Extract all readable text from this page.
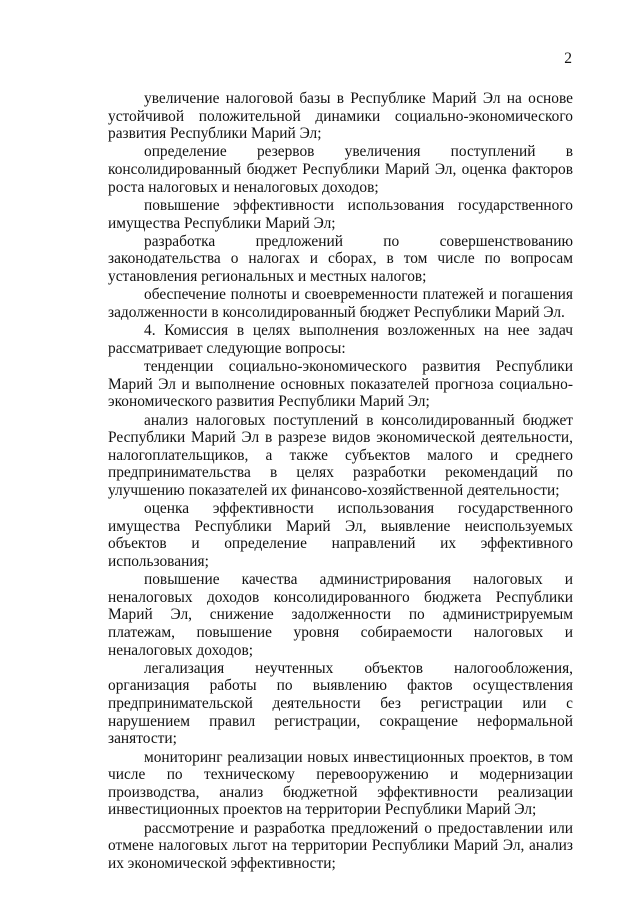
2

увеличение налоговой базы в Республике Марий Эл на основе устойчивой положительной динамики социально-экономического развития Республики Марий Эл;

определение резервов увеличения поступлений в консолидированный бюджет Республики Марий Эл, оценка факторов роста налоговых и неналоговых доходов;

повышение эффективности использования государственного имущества Республики Марий Эл;

разработка предложений по совершенствованию законодательства о налогах и сборах, в том числе по вопросам установления региональных и местных налогов;

обеспечение полноты и своевременности платежей и погашения задолженности в консолидированный бюджет Республики Марий Эл.

4. Комиссия в целях выполнения возложенных на нее задач рассматривает следующие вопросы:

тенденции социально-экономического развития Республики Марий Эл и выполнение основных показателей прогноза социально-экономического развития Республики Марий Эл;

анализ налоговых поступлений в консолидированный бюджет Республики Марий Эл в разрезе видов экономической деятельности, налогоплательщиков, а также субъектов малого и среднего предпринимательства в целях разработки рекомендаций по улучшению показателей их финансово-хозяйственной деятельности;

оценка эффективности использования государственного имущества Республики Марий Эл, выявление неиспользуемых объектов и определение направлений их эффективного использования;

повышение качества администрирования налоговых и неналоговых доходов консолидированного бюджета Республики Марий Эл, снижение задолженности по администрируемым платежам, повышение уровня собираемости налоговых и неналоговых доходов;

легализация неучтенных объектов налогообложения, организация работы по выявлению фактов осуществления предпринимательской деятельности без регистрации или с нарушением правил регистрации, сокращение неформальной занятости;

мониторинг реализации новых инвестиционных проектов, в том числе по техническому перевооружению и модернизации производства, анализ бюджетной эффективности реализации инвестиционных проектов на территории Республики Марий Эл;

рассмотрение и разработка предложений о предоставлении или отмене налоговых льгот на территории Республики Марий Эл, анализ их экономической эффективности;
